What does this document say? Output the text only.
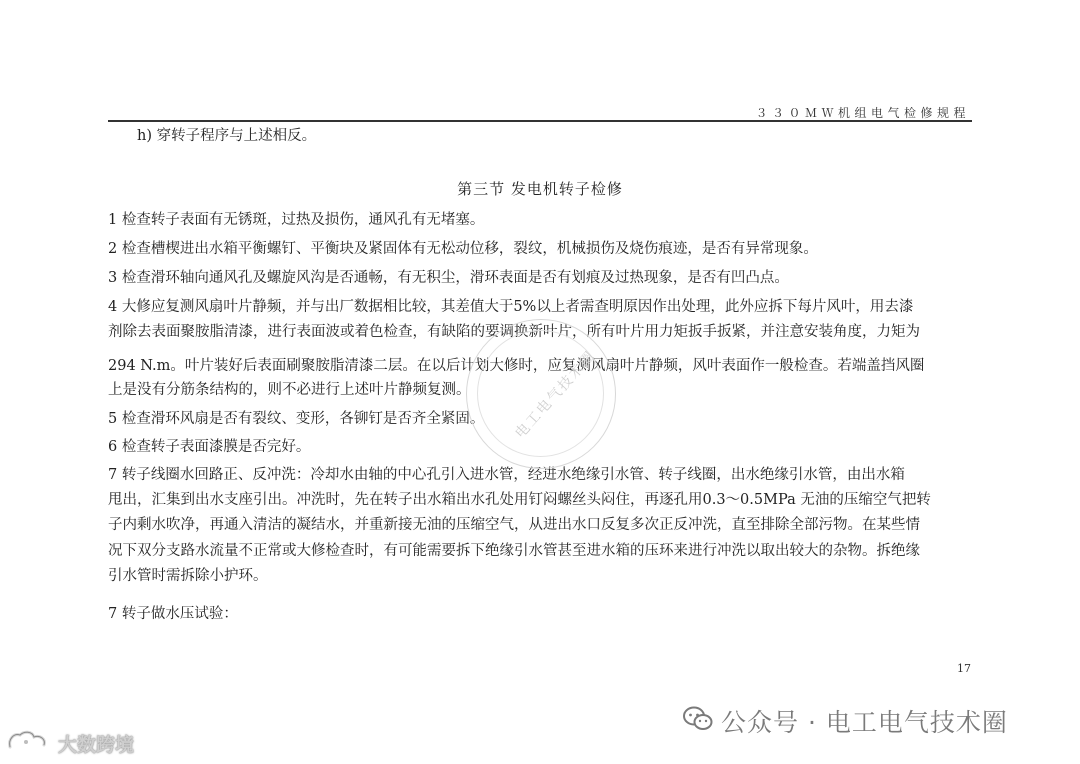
３３０ＭＷ机组电气检修规程
h) 穿转子程序与上述相反。
第三节 发电机转子检修
1 检查转子表面有无锈斑，过热及损伤，通风孔有无堵塞。
2 检查槽楔进出水箱平衡螺钉、平衡块及紧固体有无松动位移，裂纹，机械损伤及烧伤痕迹，是否有异常现象。
3 检查滑环轴向通风孔及螺旋风沟是否通畅，有无积尘，滑环表面是否有划痕及过热现象，是否有凹凸点。
4 大修应复测风扇叶片静频，并与出厂数据相比较，其差值大于5%以上者需查明原因作出处理，此外应拆下每片风叶，用去漆
剂除去表面聚胺脂清漆，进行表面波或着色检查，有缺陷的要调换新叶片，所有叶片用力矩扳手扳紧，并注意安装角度，力矩为
294 N.m。叶片装好后表面刷聚胺脂清漆二层。在以后计划大修时，应复测风扇叶片静频，风叶表面作一般检查。若端盖挡风圈
上是没有分筋条结构的，则不必进行上述叶片静频复测。
5 检查滑环风扇是否有裂纹、变形，各铆钉是否齐全紧固。
6 检查转子表面漆膜是否完好。
7 转子线圈水回路正、反冲洗：冷却水由轴的中心孔引入进水管，经进水绝缘引水管、转子线圈，出水绝缘引水管，由出水箱
甩出，汇集到出水支座引出。冲洗时，先在转子出水箱出水孔处用钉闷螺丝头闷住，再逐孔用0.3～0.5MPa 无油的压缩空气把转
子内剩水吹净，再通入清洁的凝结水，并重新接无油的压缩空气，从进出水口反复多次正反冲洗，直至排除全部污物。在某些情
况下双分支路水流量不正常或大修检查时，有可能需要拆下绝缘引水管甚至进水箱的压环来进行冲洗以取出较大的杂物。拆绝缘
引水管时需拆除小护环。
7 转子做水压试验：
电工电气技术圈
17
公众号 · 电工电气技术圈
大数跨境
